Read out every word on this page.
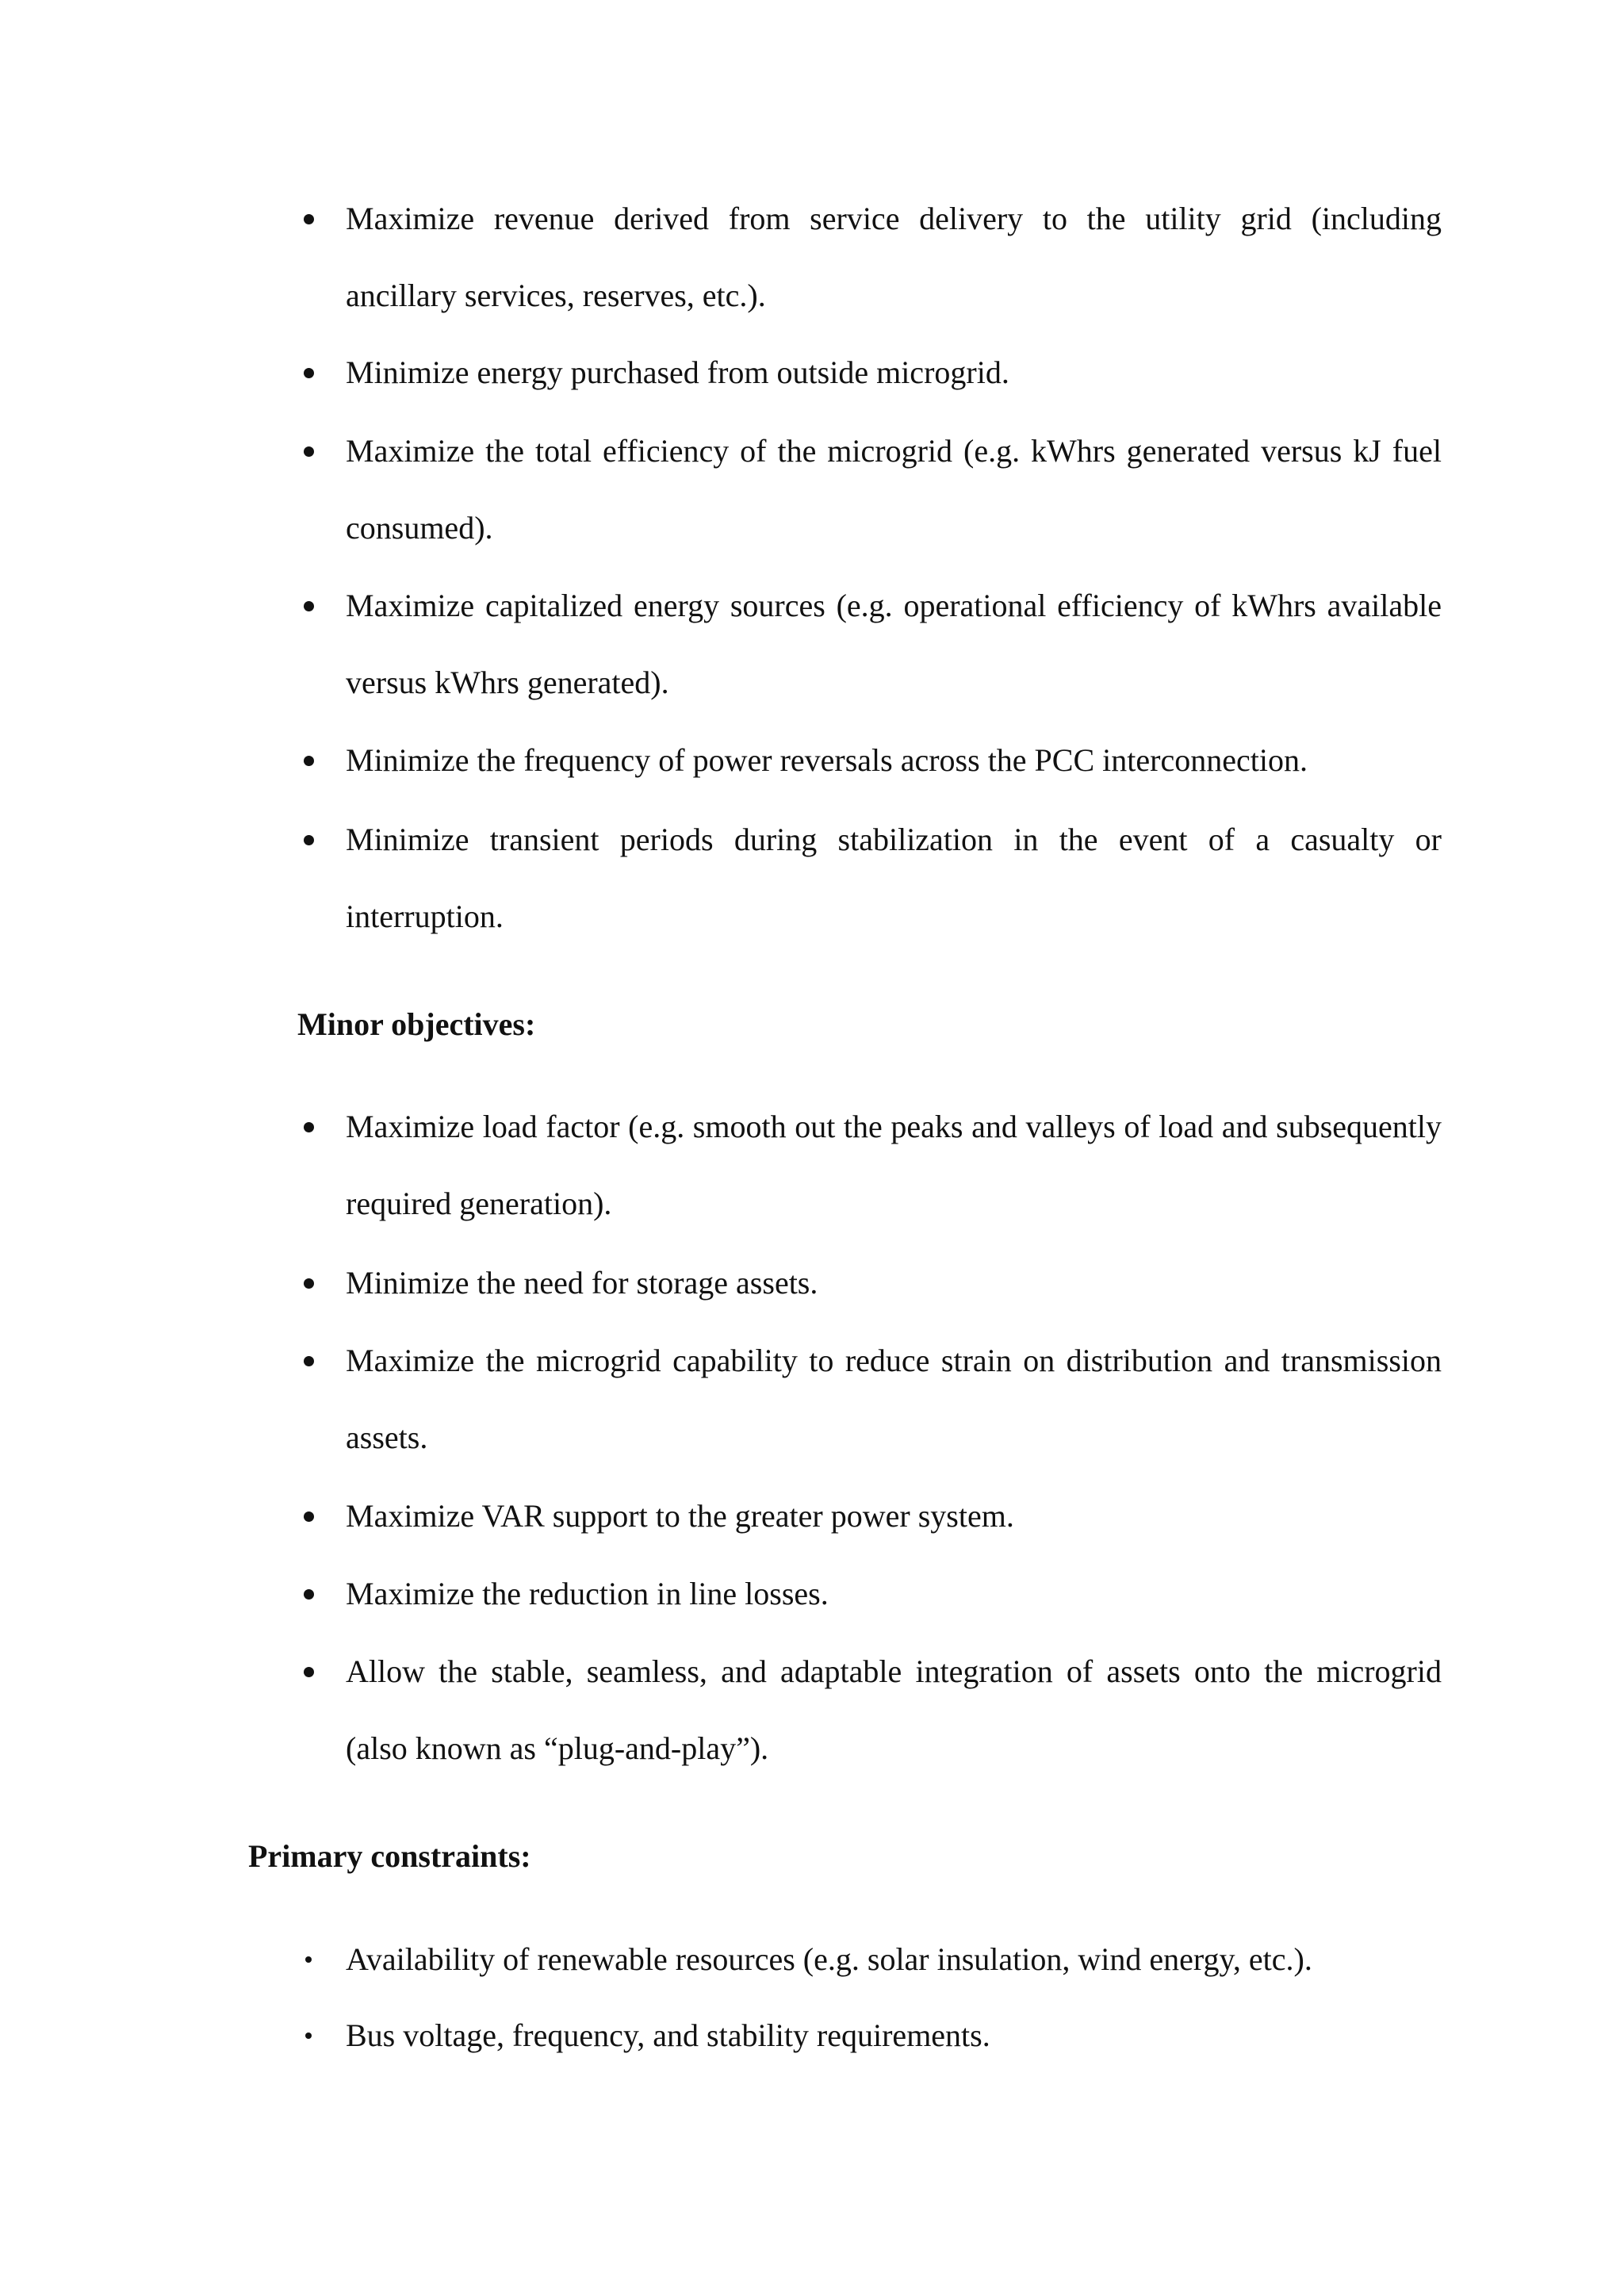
Maximize revenue derived from service delivery to the utility grid (including ancillary services, reserves, etc.).
Minimize energy purchased from outside microgrid.
Maximize the total efficiency of the microgrid (e.g. kWhrs generated versus kJ fuel consumed).
Maximize capitalized energy sources (e.g. operational efficiency of kWhrs available versus kWhrs generated).
Minimize the frequency of power reversals across the PCC interconnection.
Minimize transient periods during stabilization in the event of a casualty or interruption.
Minor objectives:
Maximize load factor (e.g. smooth out the peaks and valleys of load and subsequently required generation).
Minimize the need for storage assets.
Maximize the microgrid capability to reduce strain on distribution and transmission assets.
Maximize VAR support to the greater power system.
Maximize the reduction in line losses.
Allow the stable, seamless, and adaptable integration of assets onto the microgrid (also known as “plug-and-play”).
Primary constraints:
Availability of renewable resources (e.g. solar insulation, wind energy, etc.).
Bus voltage, frequency, and stability requirements.
